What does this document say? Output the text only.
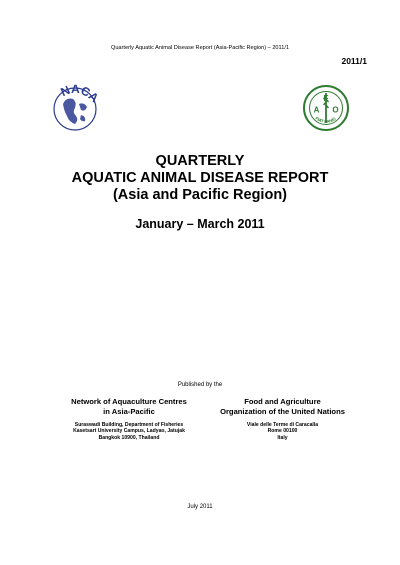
Quarterly Aquatic Animal Disease Report (Asia-Pacific Region) – 2011/1
2011/1
NAC	F
A O
FIAT PANIS
QUARTERLY
AQUATIC ANIMAL DISEASE REPORT
(Asia and Pacific Region)
January – March 2011
Published by the
Network of Aquaculture Centres
in Asia-Pacific
Suraswadi Building, Department of Fisheries
Kasetsart University Campus, Ladyao, Jatujak
Bangkok 10900, Thailand
Food and Agriculture
Organization of the United Nations
Viale delle Terme di Caracalla
Rome 00100
Italy
July 2011
